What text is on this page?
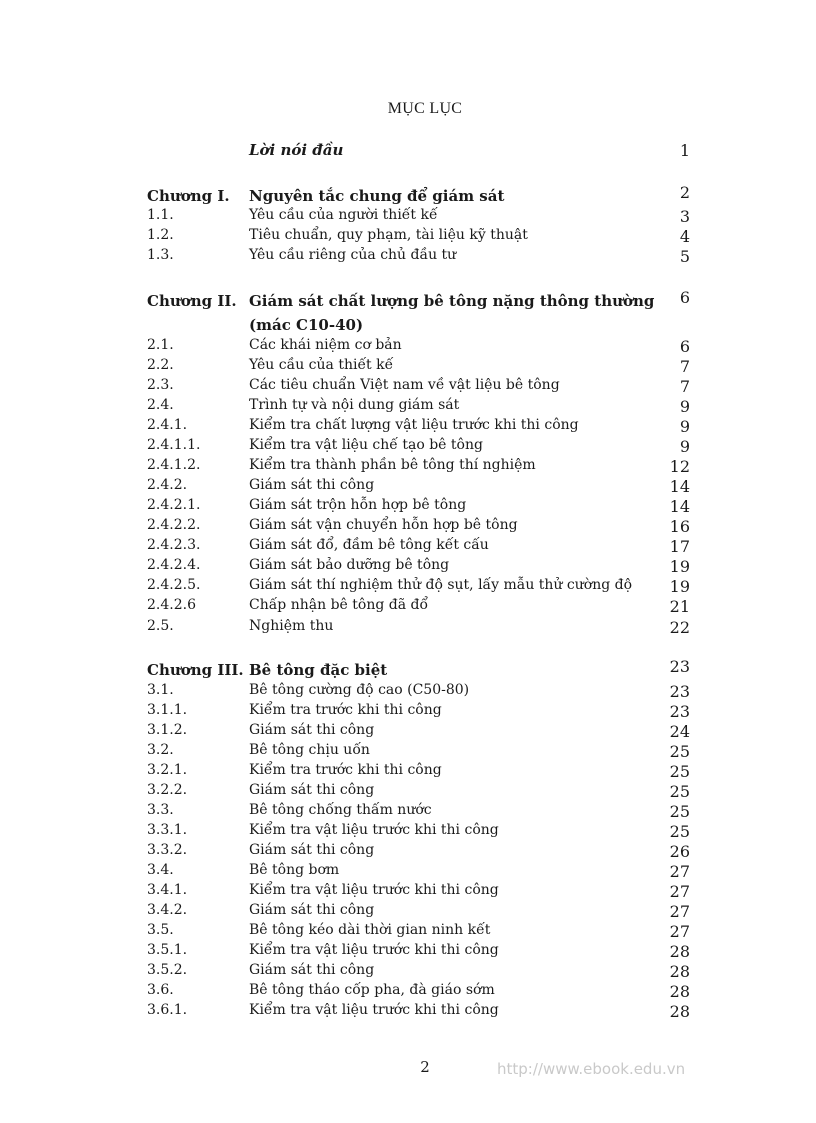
MỤC LỤC
Lời nói đầu	1
Chương I. Nguyên tắc chung để giám sát	2
1.1.	Yêu cầu của người thiết kế	3
1.2.	Tiêu chuẩn, quy phạm, tài liệu kỹ thuật	4
1.3.	Yêu cầu riêng của chủ đầu tư	5
Chương II. Giám sát chất lượng bê tông nặng thông thường 6
(mác C10-40)
2.1.	Các khái niệm cơ bản	6
2.2.	Yêu cầu của thiết kế	7
2.3.	Các tiêu chuẩn Việt nam về vật liệu bê tông	7
2.4.	Trình tự và nội dung giám sát	9
2.4.1.	Kiểm tra chất lượng vật liệu trước khi thi công	9
2.4.1.1.	Kiểm tra vật liệu chế tạo bê tông	9
2.4.1.2.	Kiểm tra thành phần bê tông thí nghiệm	12
2.4.2.	Giám sát thi công	14
2.4.2.1.	Giám sát trộn hỗn hợp bê tông	14
2.4.2.2.	Giám sát vận chuyển hỗn hợp bê tông	16
2.4.2.3.	Giám sát đổ, đầm bê tông kết cấu	17
2.4.2.4.	Giám sát bảo dưỡng bê tông	19
2.4.2.5.	Giám sát thí nghiệm thử độ sụt, lấy mẫu thử cường độ 19
2.4.2.6	Chấp nhận bê tông đã đổ	21
2.5.	Nghiệm thu	22
Chương III. Bê tông đặc biệt	23
3.1.	Bê tông cường độ cao (C50-80)	23
3.1.1.	Kiểm tra trước khi thi công	23
3.1.2.	Giám sát thi công	24
3.2.	Bê tông chịu uốn	25
3.2.1.	Kiểm tra trước khi thi công	25
3.2.2.	Giám sát thi công	25
3.3.	Bê tông chống thấm nước	25
3.3.1.	Kiểm tra vật liệu trước khi thi công	25
3.3.2.	Giám sát thi công	26
3.4.	Bê tông bơm	27
3.4.1.	Kiểm tra vật liệu trước khi thi công	27
3.4.2.	Giám sát thi công	27
3.5.	Bê tông kéo dài thời gian ninh kết	27
3.5.1.	Kiểm tra vật liệu trước khi thi công	28
3.5.2.	Giám sát thi công	28
3.6.	Bê tông tháo cốp pha, đà giáo sớm	28
3.6.1.	Kiểm tra vật liệu trước khi thi công	28
2	http://www.ebook.edu.vn
